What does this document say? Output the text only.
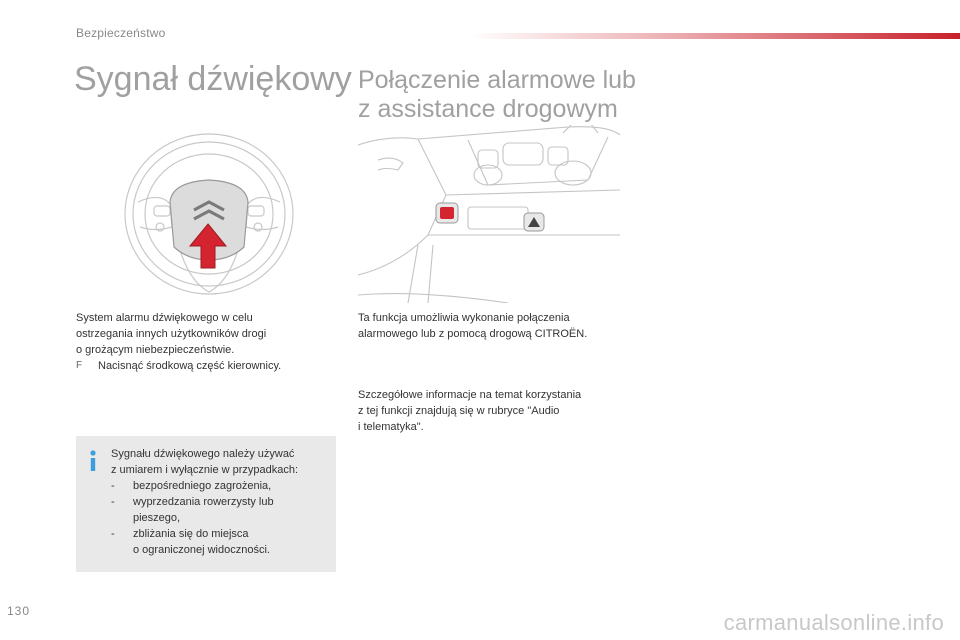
Bezpieczeństwo
Sygnał dźwiękowy Połączenie alarmowe lub
z assistance drogowym
System alarmu dźwiękowego w celu
ostrzegania innych użytkowników drogi
o grożącym niebezpieczeństwie.
F	Nacisnąć środkową część kierownicy.
Ta funkcja umożliwia wykonanie połączenia
alarmowego lub z pomocą drogową CITROËN.
Szczegółowe informacje na temat korzystania
z tej funkcji znajdują się w rubryce "Audio
i telematyka".
Sygnału dźwiękowego należy używać
z umiarem i wyłącznie w przypadkach:
-	bezpośredniego zagrożenia,
-	wyprzedzania rowerzysty lub
pieszego,
-	zbliżania się do miejsca
o ograniczonej widoczności.
130	carmanualsonline.info
